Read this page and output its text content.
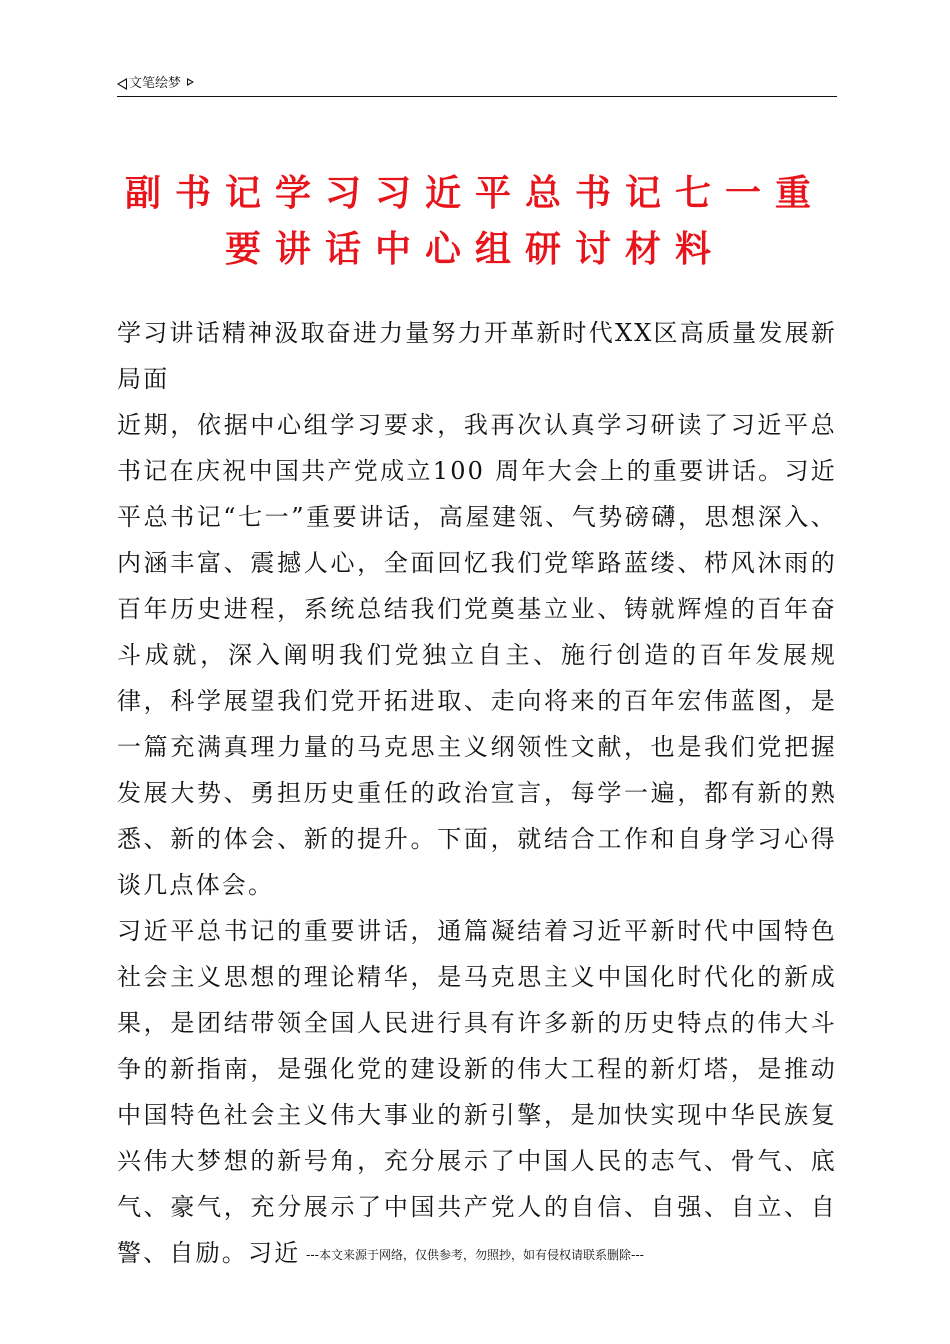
文笔绘梦
副书记学习习近平总书记七一重
要讲话中心组研讨材料

学习讲话精神汲取奋进力量努力开革新时代XX区高质量发展新局面

近期，依据中心组学习要求，我再次认真学习研读了习近平总书记在庆祝中国共产党成立100 周年大会上的重要讲话。习近平总书记“七一”重要讲话，高屋建瓴、气势磅礴，思想深入、内涵丰富、震撼人心，全面回忆我们党筚路蓝缕、栉风沐雨的百年历史进程，系统总结我们党奠基立业、铸就辉煌的百年奋斗成就，深入阐明我们党独立自主、施行创造的百年发展规律，科学展望我们党开拓进取、走向将来的百年宏伟蓝图，是一篇充满真理力量的马克思主义纲领性文献，也是我们党把握发展大势、勇担历史重任的政治宣言，每学一遍，都有新的熟悉、新的体会、新的提升。下面，就结合工作和自身学习心得谈几点体会。

习近平总书记的重要讲话，通篇凝结着习近平新时代中国特色社会主义思想的理论精华，是马克思主义中国化时代化的新成果，是团结带领全国人民进行具有许多新的历史特点的伟大斗争的新指南，是强化党的建设新的伟大工程的新灯塔，是推动中国特色社会主义伟大事业的新引擎，是加快实现中华民族复兴伟大梦想的新号角，充分展示了中国人民的志气、骨气、底气、豪气，充分展示了中国共产党人的自信、自强、自立、自警、自励。习近 ---本文来源于网络，仅供参考，勿照抄，如有侵权请联系删除---
